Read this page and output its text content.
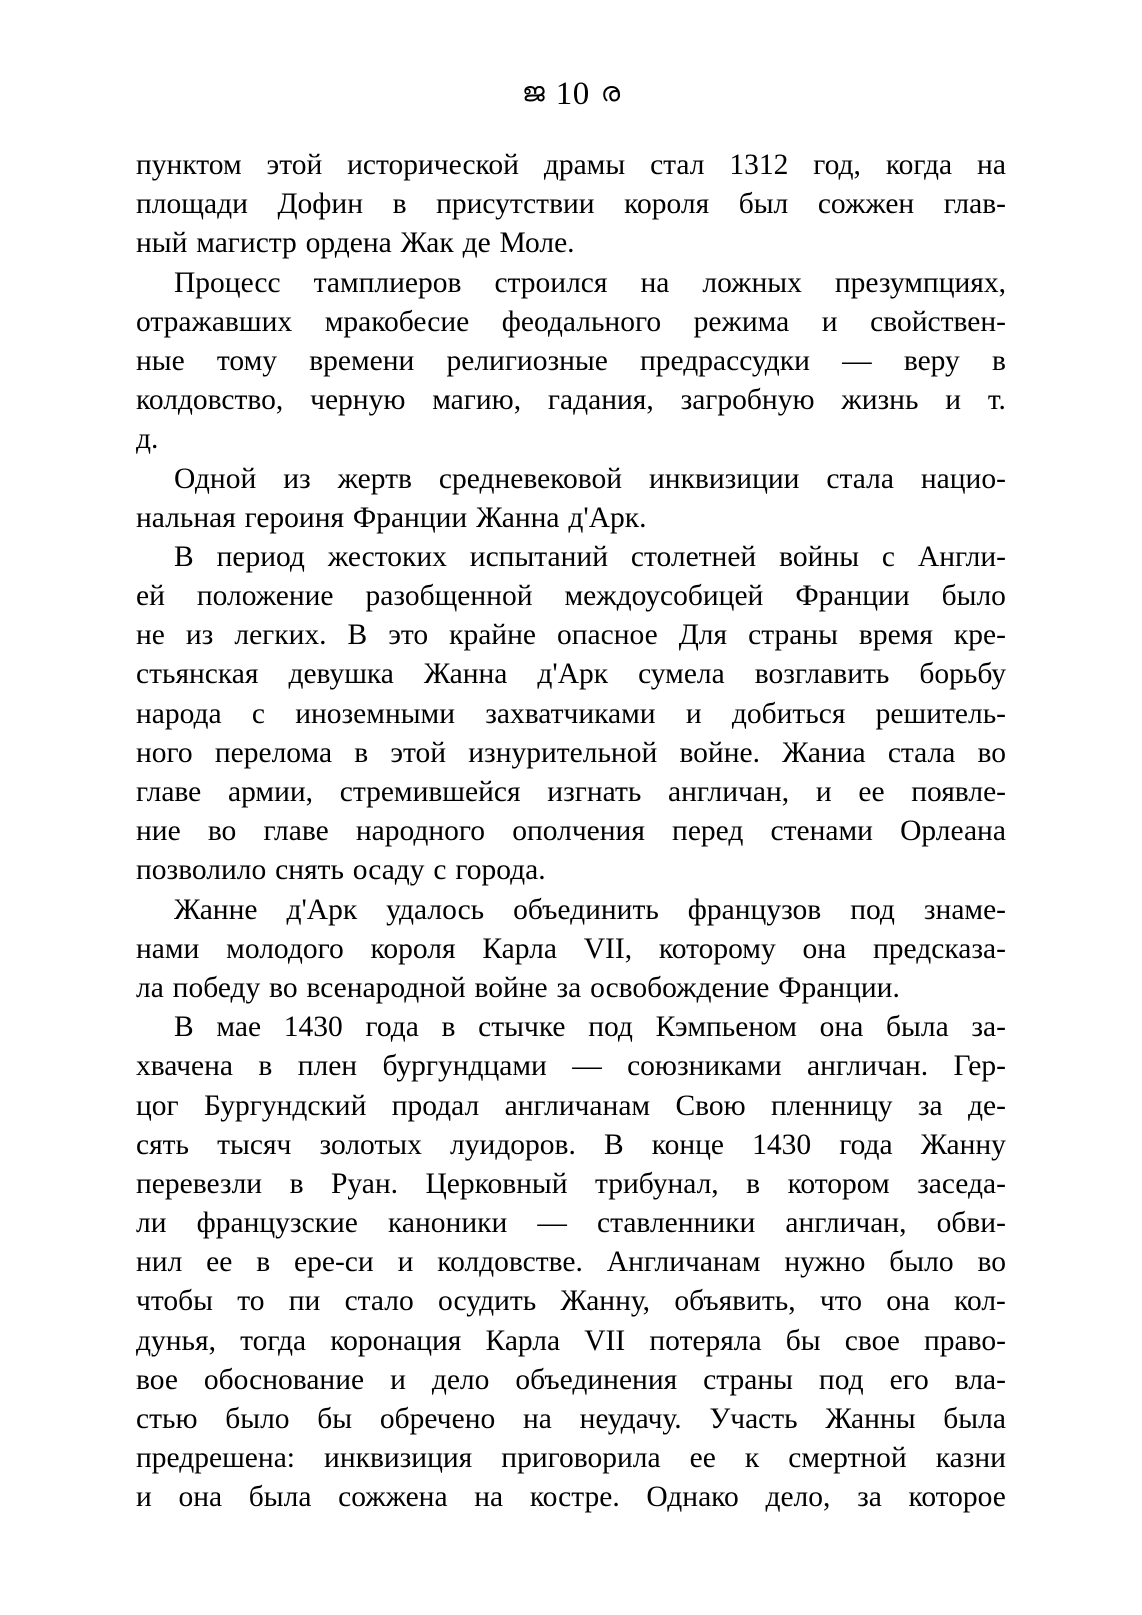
ജ 10 ര
пунктом этой исторической драмы стал 1312 год, когда на
площади Дофин в присутствии короля был сожжен глав-
ный магистр ордена Жак де Моле.
Процесс тамплиеров строился на ложных презумпциях,
отражавших мракобесие феодального режима и свойствен-
ные тому времени религиозные предрассудки — веру в
колдовство, черную магию, гадания, загробную жизнь и т.
д.
Одной из жертв средневековой инквизиции стала нацио-
нальная героиня Франции Жанна д'Арк.
В период жестоких испытаний столетней войны с Англи-
ей положение разобщенной междоусобицей Франции было
не из легких. В это крайне опасное Для страны время кре-
стьянская девушка Жанна д'Арк сумела возглавить борьбу
народа с иноземными захватчиками и добиться решитель-
ного перелома в этой изнурительной войне. Жаниа стала во
главе армии, стремившейся изгнать англичан, и ее появле-
ние во главе народного ополчения перед стенами Орлеана
позволило снять осаду с города.
Жанне д'Арк удалось объединить французов под знаме-
нами молодого короля Карла VII, которому она предсказа-
ла победу во всенародной войне за освобождение Франции.
В мае 1430 года в стычке под Кэмпьеном она была за-
хвачена в плен бургундцами — союзниками англичан. Гер-
цог Бургундский продал англичанам Свою пленницу за де-
сять тысяч золотых луидоров. В конце 1430 года Жанну
перевезли в Руан. Церковный трибунал, в котором заседа-
ли французские каноники — ставленники англичан, обви-
нил ее в ере-си и колдовстве. Англичанам нужно было во
чтобы то пи стало осудить Жанну, объявить, что она кол-
дунья, тогда коронация Карла VII потеряла бы свое право-
вое обоснование и дело объединения страны под его вла-
стью было бы обречено на неудачу. Участь Жанны была
предрешена: инквизиция приговорила ее к смертной казни
и она была сожжена на костре. Однако дело, за которое
